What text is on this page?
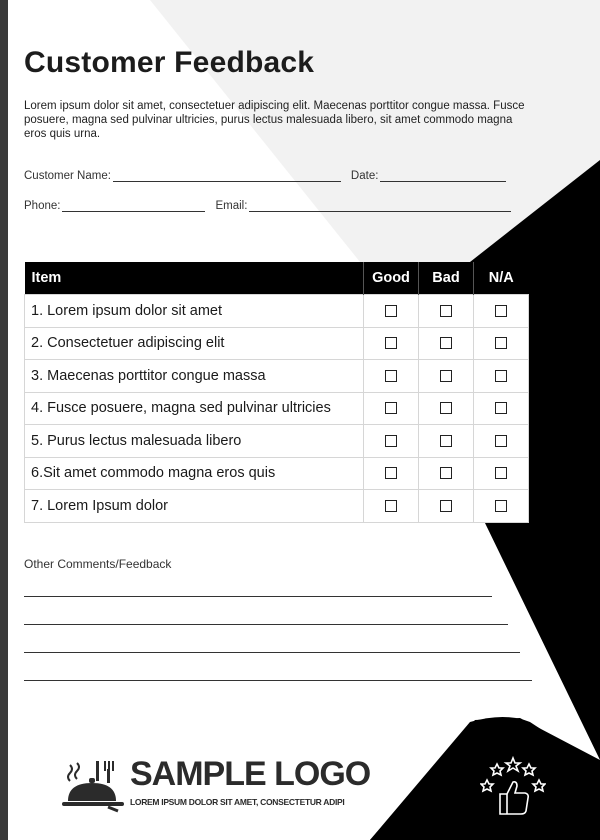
Customer Feedback

Lorem ipsum dolor sit amet, consectetuer adipiscing elit. Maecenas porttitor congue massa. Fusce posuere, magna sed pulvinar ultricies, purus lectus malesuada libero, sit amet commodo magna eros quis urna.

Customer Name:	Date:
Phone:	Email:
Item	Good	Bad	N/A
1. Lorem ipsum dolor sit amet			
2. Consectetuer adipiscing elit			
3. Maecenas porttitor congue massa			
4. Fusce posuere, magna sed pulvinar ultricies			
5. Purus lectus malesuada libero			
6.Sit amet commodo magna eros quis			
7. Lorem Ipsum dolor			
Other Comments/Feedback
SAMPLE LOGO
LOREM IPSUM DOLOR SIT AMET, CONSECTETUR ADIPI
